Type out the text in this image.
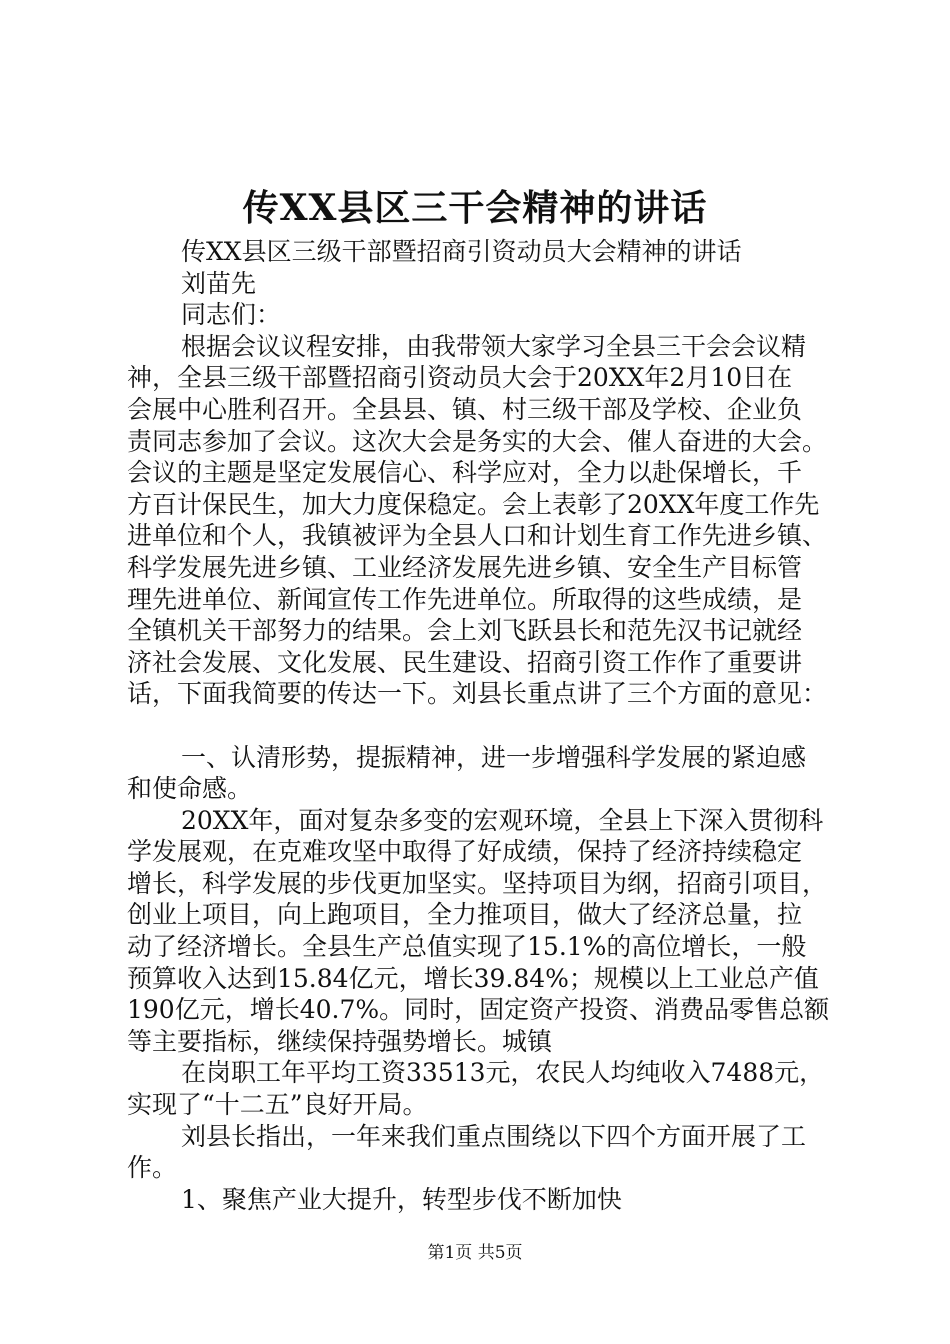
传XX县区三干会精神的讲话
传XX县区三级干部暨招商引资动员大会精神的讲话
刘苗先
同志们：
根据会议议程安排，由我带领大家学习全县三干会会议精
神，全县三级干部暨招商引资动员大会于20XX年2月10日在
会展中心胜利召开。全县县、镇、村三级干部及学校、企业负
责同志参加了会议。这次大会是务实的大会、催人奋进的大会。
会议的主题是坚定发展信心、科学应对，全力以赴保增长，千
方百计保民生，加大力度保稳定。会上表彰了20XX年度工作先
进单位和个人，我镇被评为全县人口和计划生育工作先进乡镇、
科学发展先进乡镇、工业经济发展先进乡镇、安全生产目标管
理先进单位、新闻宣传工作先进单位。所取得的这些成绩，是
全镇机关干部努力的结果。会上刘飞跃县长和范先汉书记就经
济社会发展、文化发展、民生建设、招商引资工作作了重要讲
话，下面我简要的传达一下。刘县长重点讲了三个方面的意见：
一、认清形势，提振精神，进一步增强科学发展的紧迫感
和使命感。
20XX年，面对复杂多变的宏观环境，全县上下深入贯彻科
学发展观，在克难攻坚中取得了好成绩，保持了经济持续稳定
增长，科学发展的步伐更加坚实。坚持项目为纲，招商引项目，
创业上项目，向上跑项目，全力推项目，做大了经济总量，拉
动了经济增长。全县生产总值实现了15.1%的高位增长，一般
预算收入达到15.84亿元，增长39.84%；规模以上工业总产值
190亿元，增长40.7%。同时，固定资产投资、消费品零售总额
等主要指标，继续保持强势增长。城镇
在岗职工年平均工资33513元，农民人均纯收入7488元，
实现了“十二五”良好开局。
刘县长指出，一年来我们重点围绕以下四个方面开展了工
作。
1、聚焦产业大提升，转型步伐不断加快
第1页 共5页
